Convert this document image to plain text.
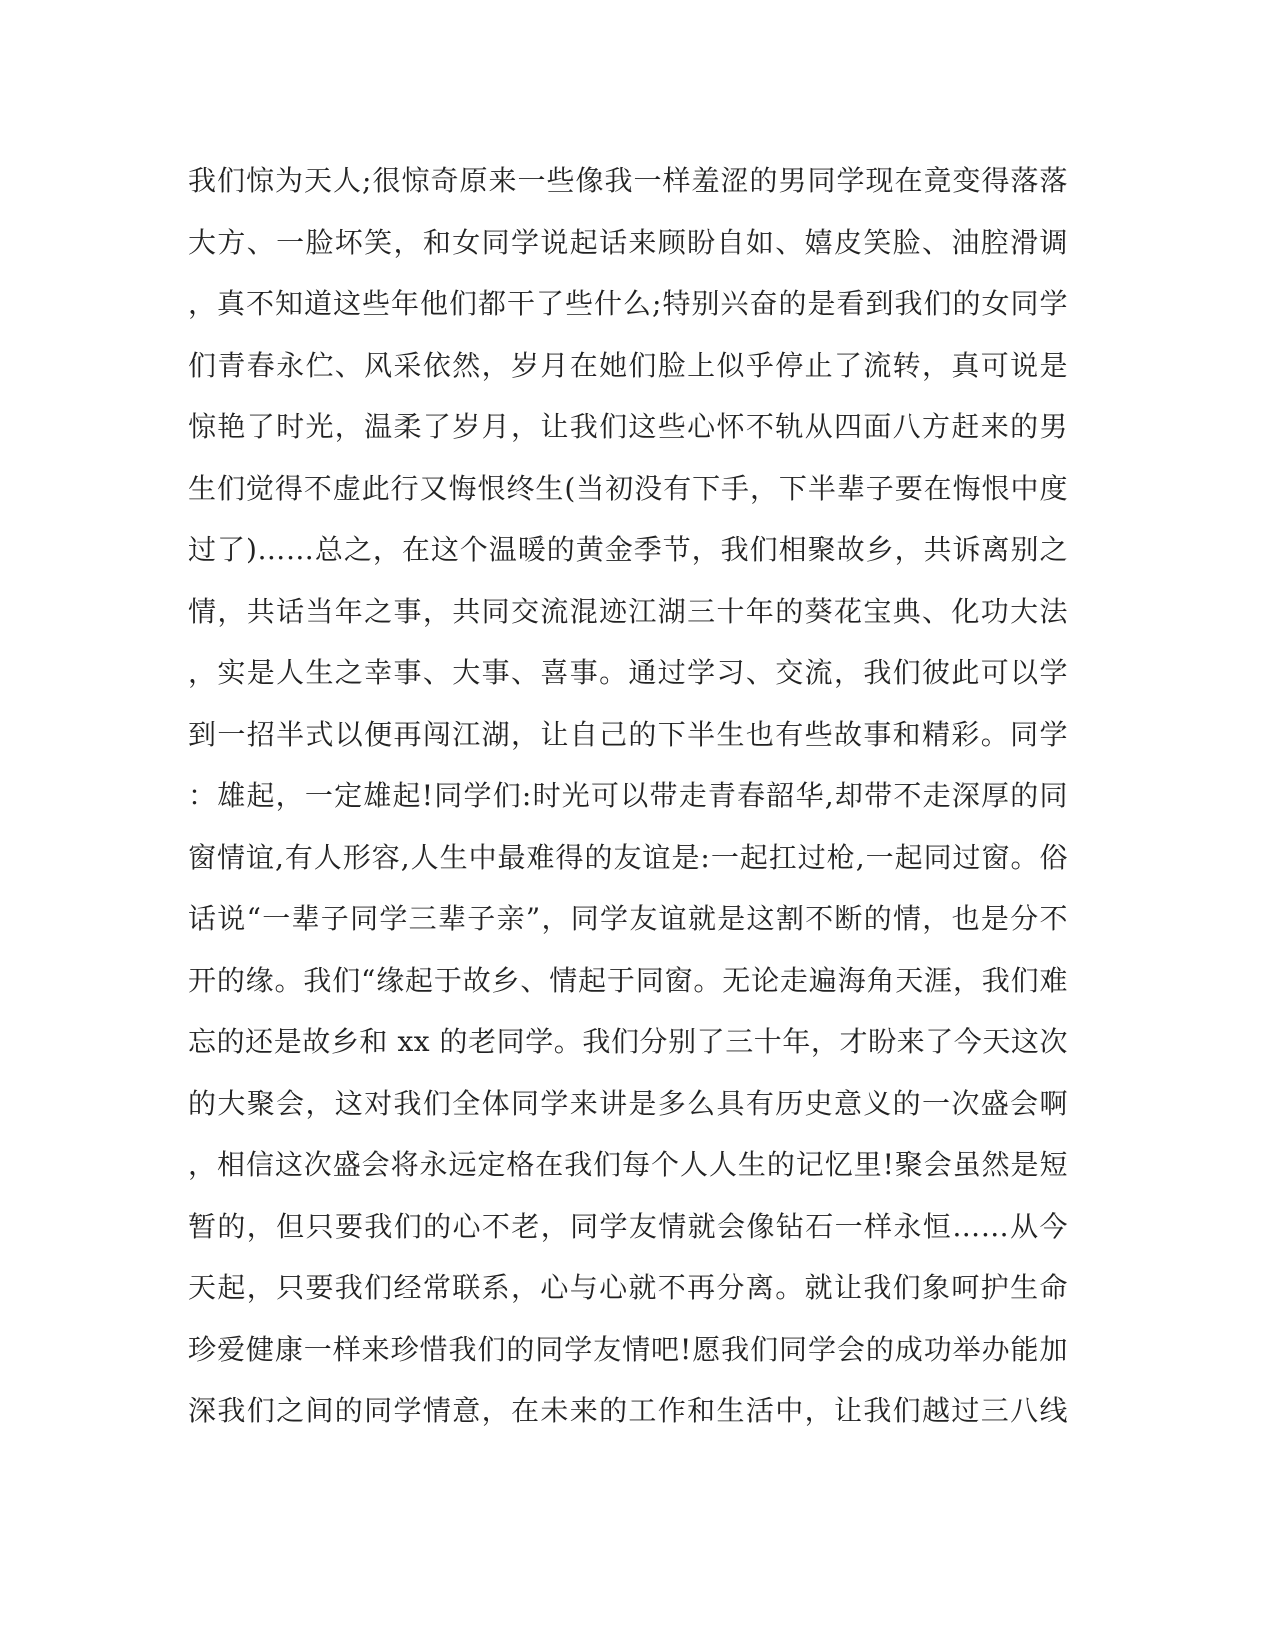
我们惊为天人;很惊奇原来一些像我一样羞涩的男同学现在竟变得落落
大方、一脸坏笑，和女同学说起话来顾盼自如、嬉皮笑脸、油腔滑调
，真不知道这些年他们都干了些什么;特别兴奋的是看到我们的女同学
们青春永伫、风采依然，岁月在她们脸上似乎停止了流转，真可说是
惊艳了时光，温柔了岁月，让我们这些心怀不轨从四面八方赶来的男
生们觉得不虚此行又悔恨终生(当初没有下手，下半辈子要在悔恨中度
过了)……总之，在这个温暖的黄金季节，我们相聚故乡，共诉离别之
情，共话当年之事，共同交流混迹江湖三十年的葵花宝典、化功大法
，实是人生之幸事、大事、喜事。通过学习、交流，我们彼此可以学
到一招半式以便再闯江湖，让自己的下半生也有些故事和精彩。同学
：雄起，一定雄起!同学们:时光可以带走青春韶华,却带不走深厚的同
窗情谊,有人形容,人生中最难得的友谊是:一起扛过枪,一起同过窗。俗
话说“一辈子同学三辈子亲”，同学友谊就是这割不断的情，也是分不
开的缘。我们“缘起于故乡、情起于同窗。无论走遍海角天涯，我们难
忘的还是故乡和 xx 的老同学。我们分别了三十年，才盼来了今天这次
的大聚会，这对我们全体同学来讲是多么具有历史意义的一次盛会啊
，相信这次盛会将永远定格在我们每个人人生的记忆里!聚会虽然是短
暂的，但只要我们的心不老，同学友情就会像钻石一样永恒……从今
天起，只要我们经常联系，心与心就不再分离。就让我们象呵护生命
珍爱健康一样来珍惜我们的同学友情吧!愿我们同学会的成功举办能加
深我们之间的同学情意，在未来的工作和生活中，让我们越过三八线
